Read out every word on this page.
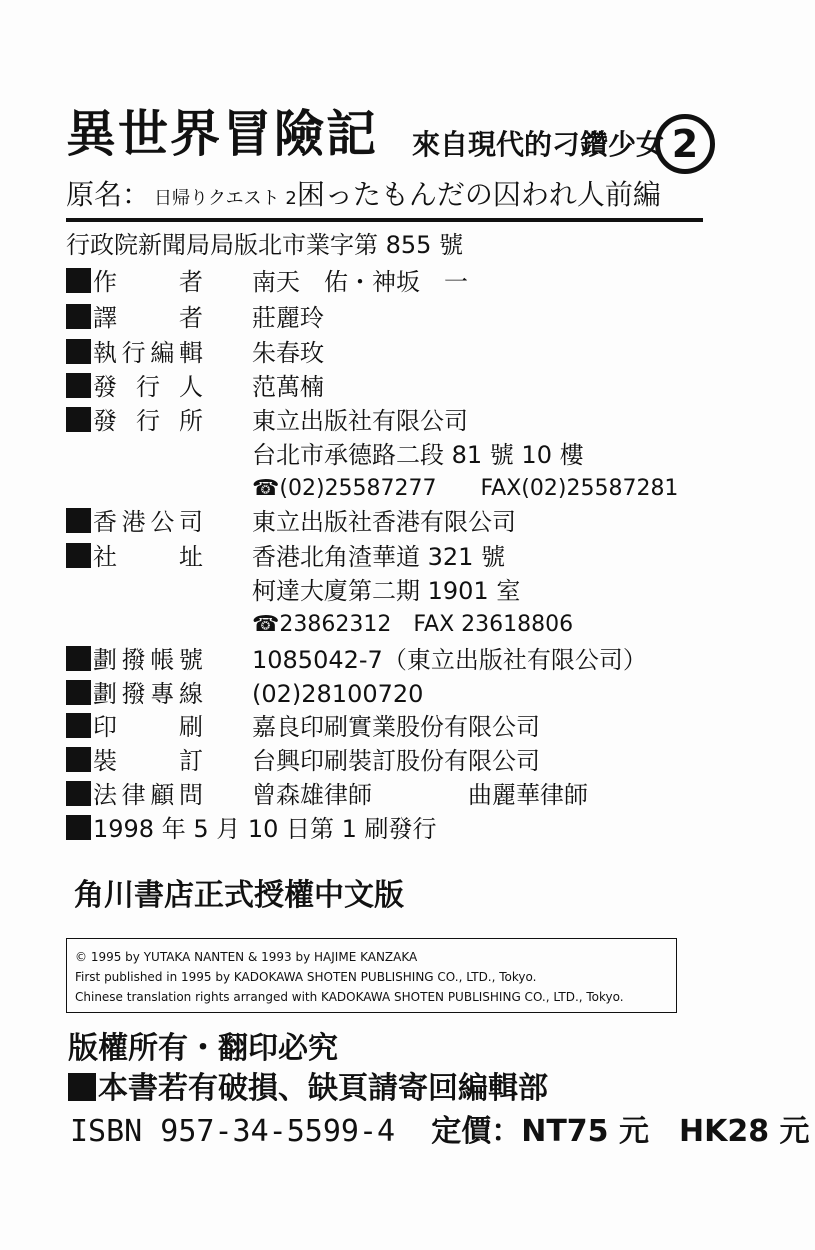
異世界冒險記 來自現代的刁鑽少女 2
原名： 日帰りクエスト 2困ったもんだの囚われ人前編
行政院新聞局局版北市業字第 855 號
作　　者 南天　佑・神坂　一
譯　　者 莊麗玲
執行編輯 朱春玫
發 行 人 范萬楠
發 行 所 東立出版社有限公司
台北市承德路二段 81 號 10 樓
☎(02)25587277　　FAX(02)25587281
香港公司 東立出版社香港有限公司
社　　址 香港北角渣華道 321 號
柯達大廈第二期 1901 室
☎23862312　FAX 23618806
劃撥帳號 1085042-7（東立出版社有限公司）
劃撥專線 (02)28100720
印　　刷 嘉良印刷實業股份有限公司
裝　　訂 台興印刷裝訂股份有限公司
法律顧問 曾森雄律師　　　　曲麗華律師
1998 年 5 月 10 日第 1 刷發行
角川書店正式授權中文版
© 1995 by YUTAKA NANTEN & 1993 by HAJIME KANZAKA
First published in 1995 by KADOKAWA SHOTEN PUBLISHING CO., LTD., Tokyo.
Chinese translation rights arranged with KADOKAWA SHOTEN PUBLISHING CO., LTD., Tokyo.
版權所有・翻印必究
本書若有破損、缺頁請寄回編輯部
ISBN 957-34-5599-4 定價：NT75 元　HK28 元
